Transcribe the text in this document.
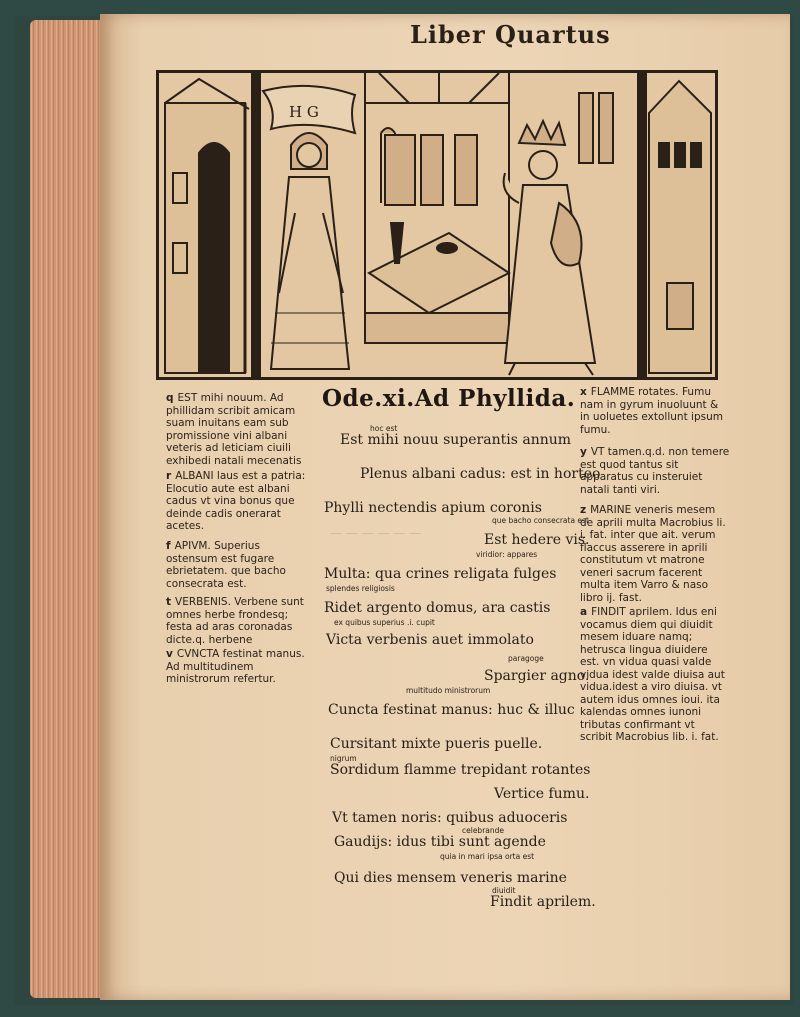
Liber Quartus
H G
— — — — — —
q EST mihi nouum. Ad phillidam scribit amicam suam inuitans eam sub promissione vini albani veteris ad leticiam ciuili exhibedi natali mecenatis
r ALBANI laus est a patria: Elocutio aute est albani cadus vt vina bonus que deinde cadis onerarat acetes.
f APIVM. Superius ostensum est fugare ebrietatem. que bacho consecrata est.
t VERBENIS. Verbene sunt omnes herbe frondesq; festa ad aras coronadas dicte.q. herbene
v CVNCTA festinat manus. Ad multitudinem ministrorum refertur.
Ode.xi.Ad Phyllida.
hoc est
Est mihi nouu superantis annum
Plenus albani cadus: est in horteo
Phylli nectendis apium coronis
que bacho consecrata est
Est hedere vis.
viridior: appares
Multa: qua crines religata fulges
splendes religiosis
Ridet argento domus, ara castis
ex quibus superius .i. cupit
Victa verbenis auet immolato
paragoge
Spargier agno.
multitudo ministrorum
Cuncta festinat manus: huc & illuc
Cursitant mixte pueris puelle.
nigrum
Sordidum flamme trepidant rotantes
Vertice fumu.
Vt tamen noris: quibus aduoceris
celebrande
Gaudijs: idus tibi sunt agende
quia in mari ipsa orta est
Qui dies mensem veneris marine
diuidit
Findit aprilem.
x FLAMME rotates. Fumu nam in gyrum inuoluunt & in uoluetes extollunt ipsum fumu.
y VT tamen.q.d. non temere est quod tantus sit apparatus cu insteruiet natali tanti viri.
z MARINE veneris mesem de aprili multa Macrobius li. i. fat. inter que ait. verum flaccus asserere in aprili constitutum vt matrone veneri sacrum facerent multa item Varro & naso libro ij. fast.
a FINDIT aprilem. Idus eni vocamus diem qui diuidit mesem iduare namq; hetrusca lingua diuidere est. vn vidua quasi valde vidua idest valde diuisa aut vidua.idest a viro diuisa. vt autem idus omnes ioui. ita kalendas omnes iunoni tributas confirmant vt scribit Macrobius lib. i. fat.
